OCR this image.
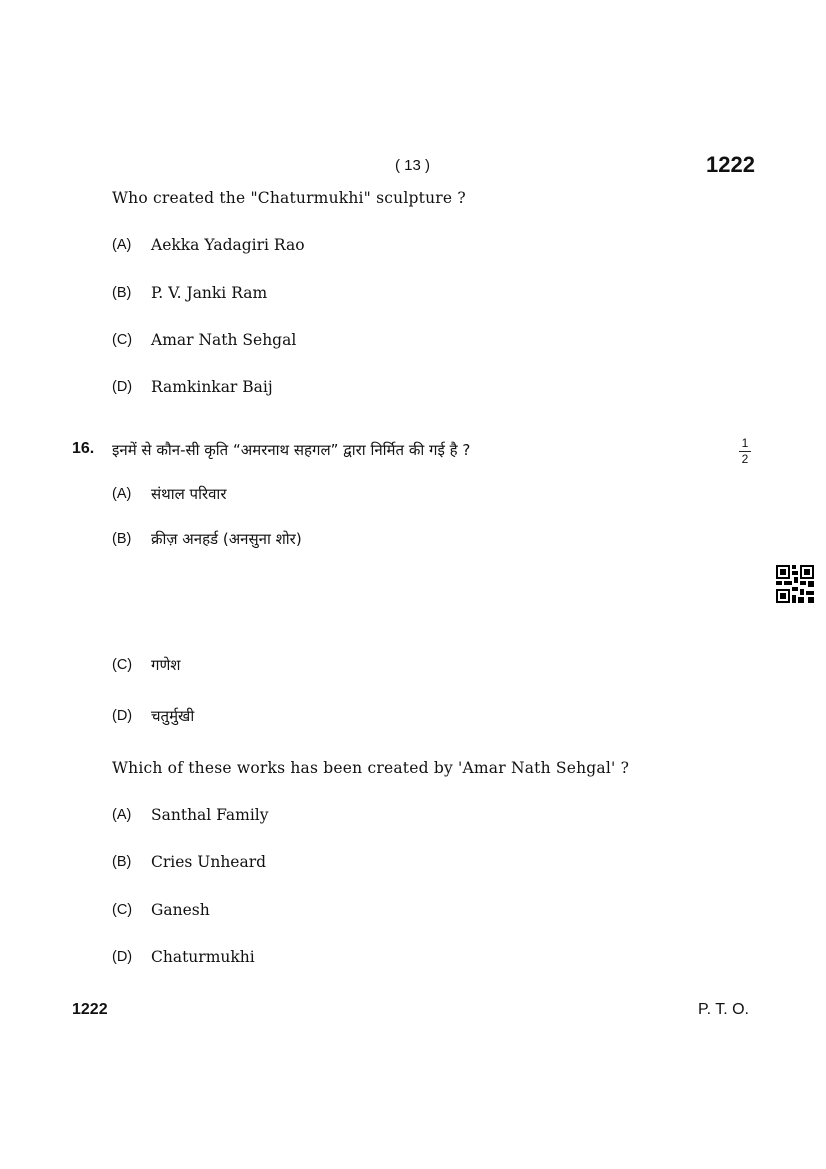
( 13 )	1222
Who created the "Chaturmukhi" sculpture ?
(A) Aekka Yadagiri Rao
(B) P. V. Janki Ram
(C) Amar Nath Sehgal
(D) Ramkinkar Baij
16. इनमें से कौन-सी कृति “अमरनाथ सहगल” द्वारा निर्मित की गई है ?	1
2
(A) संथाल परिवार
(B) क्रीज़ अनहर्ड (अनसुना शोर)
(C) गणेश
(D) चतुर्मुखी
Which of these works has been created by 'Amar Nath Sehgal' ?
(A) Santhal Family
(B) Cries Unheard
(C) Ganesh
(D) Chaturmukhi
1222	P. T. O.
